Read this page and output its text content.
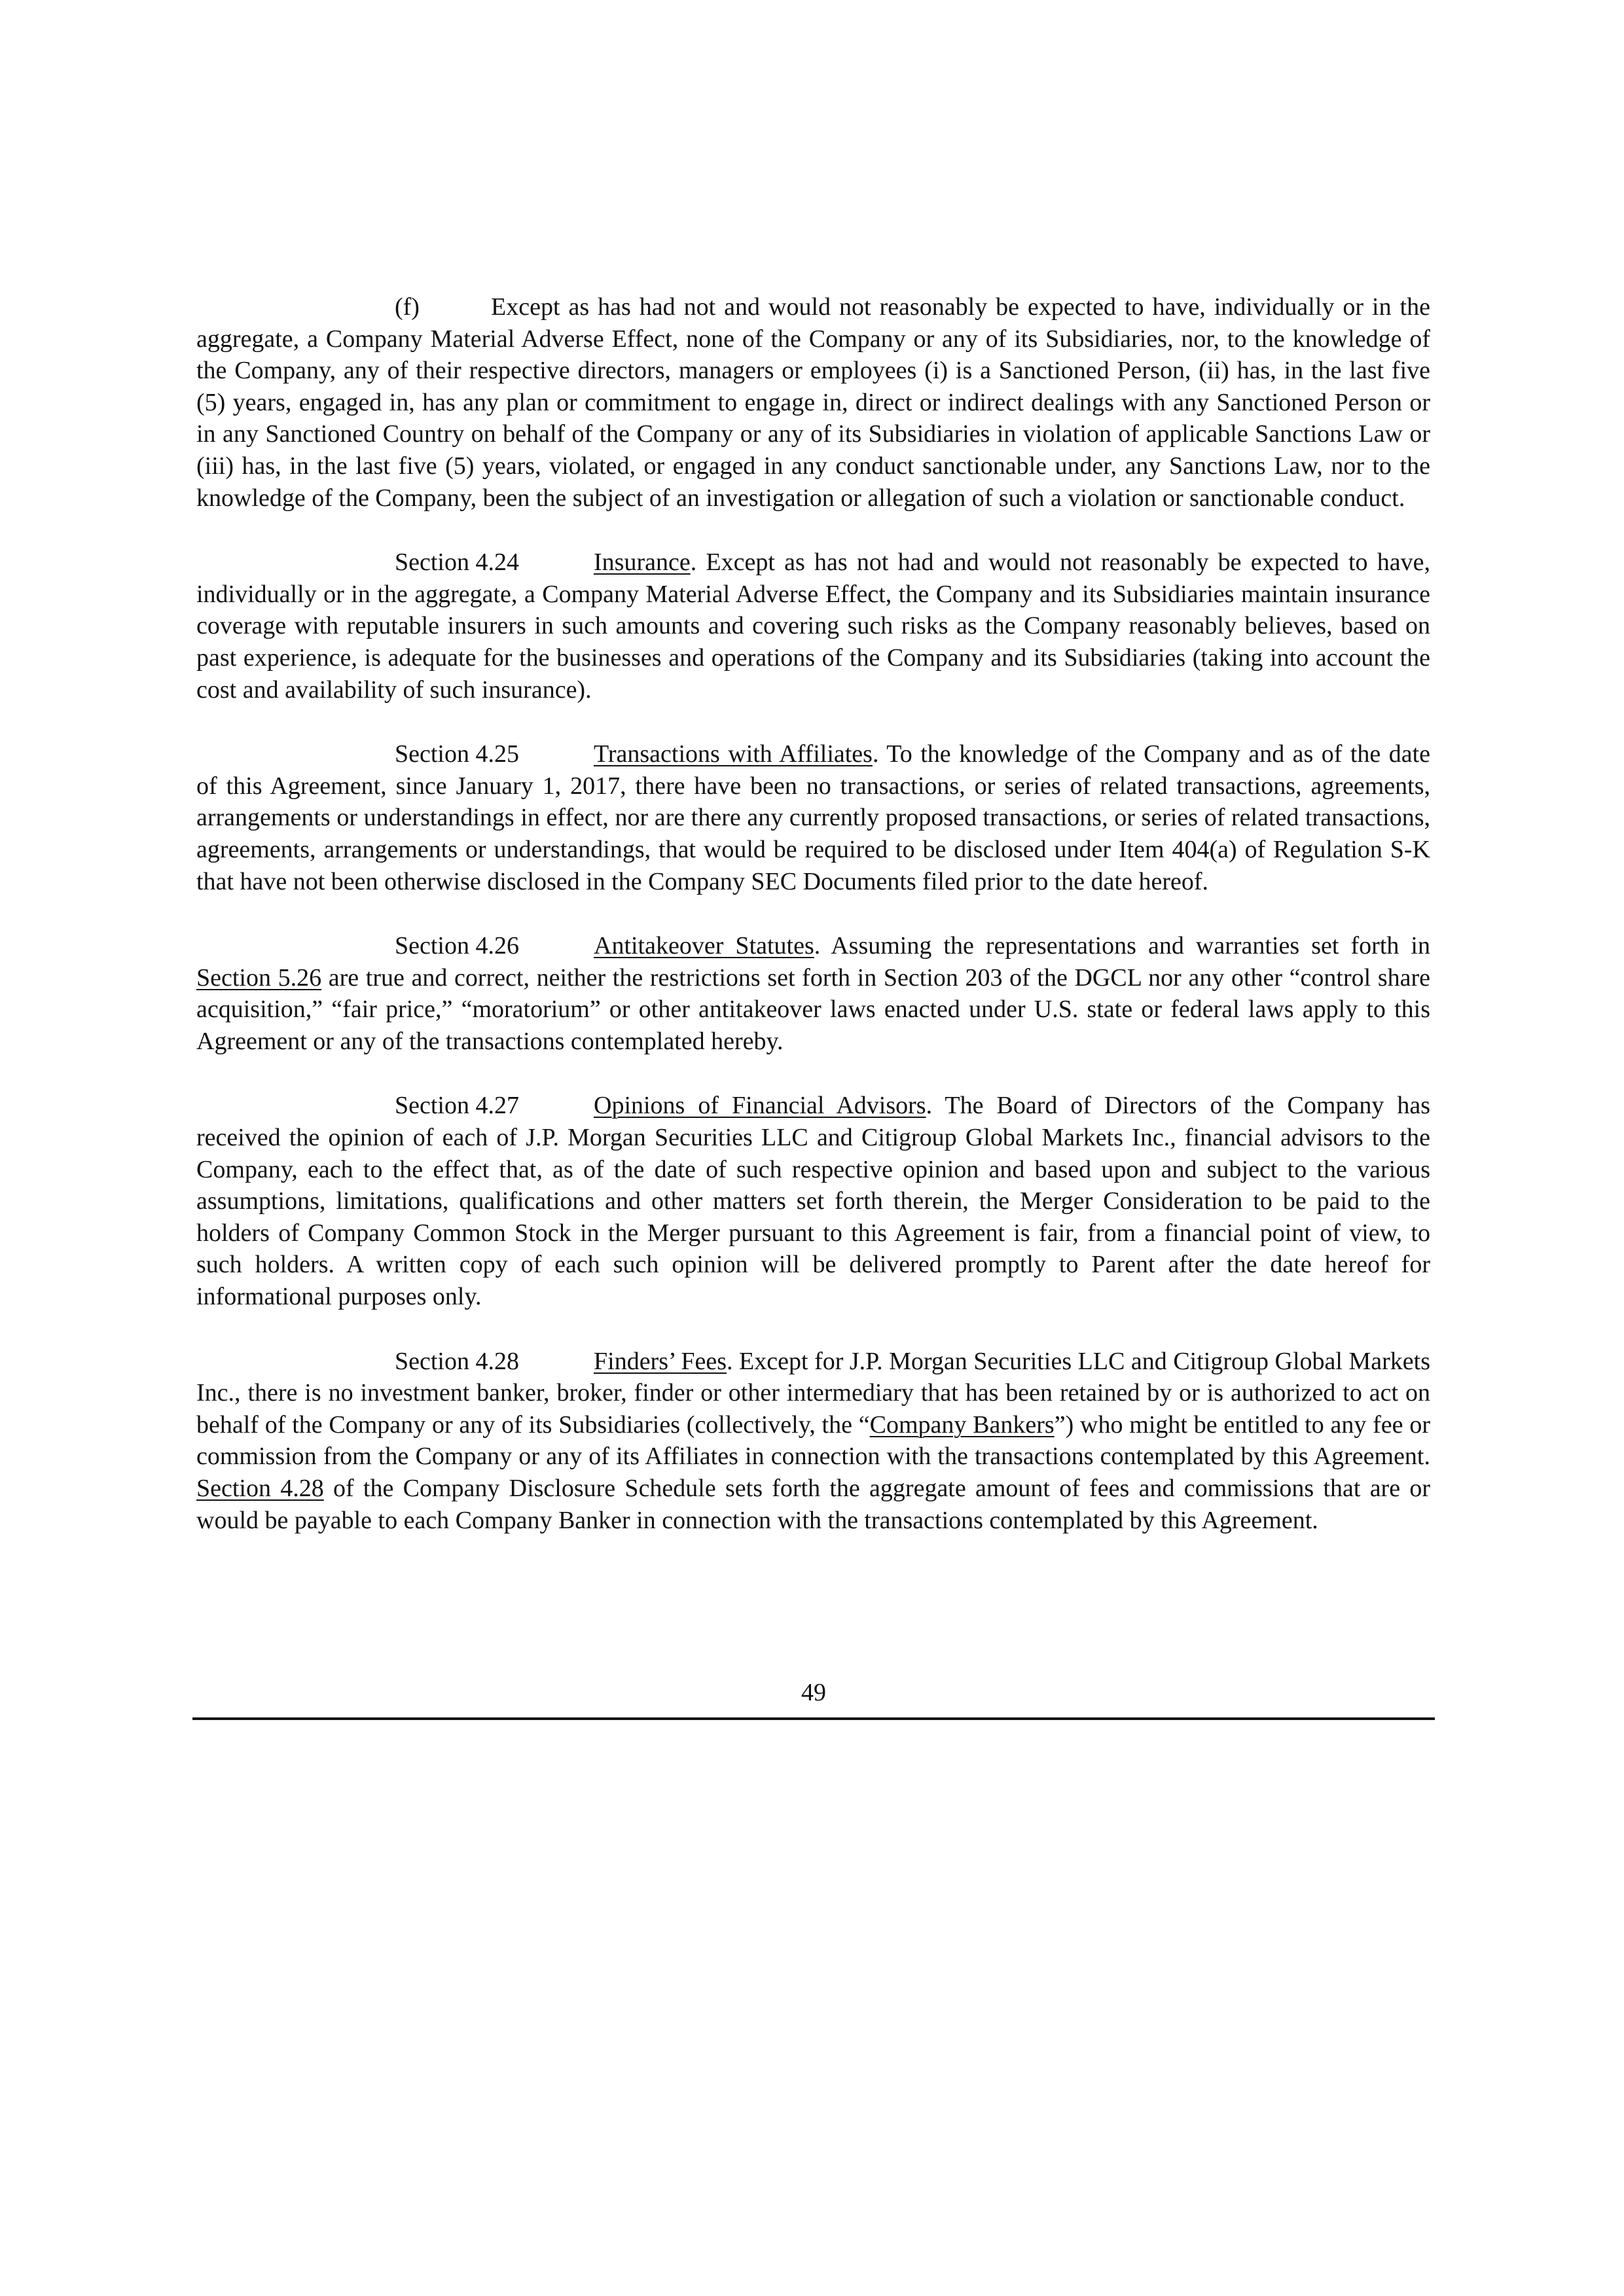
(f)	Except as has had not and would not reasonably be expected to have, individually or in the aggregate, a Company Material Adverse Effect, none of the Company or any of its Subsidiaries, nor, to the knowledge of the Company, any of their respective directors, managers or employees (i) is a Sanctioned Person, (ii) has, in the last five (5) years, engaged in, has any plan or commitment to engage in, direct or indirect dealings with any Sanctioned Person or in any Sanctioned Country on behalf of the Company or any of its Subsidiaries in violation of applicable Sanctions Law or (iii) has, in the last five (5) years, violated, or engaged in any conduct sanctionable under, any Sanctions Law, nor to the knowledge of the Company, been the subject of an investigation or allegation of such a violation or sanctionable conduct.

Section 4.24	Insurance. Except as has not had and would not reasonably be expected to have, individually or in the aggregate, a Company Material Adverse Effect, the Company and its Subsidiaries maintain insurance coverage with reputable insurers in such amounts and covering such risks as the Company reasonably believes, based on past experience, is adequate for the businesses and operations of the Company and its Subsidiaries (taking into account the cost and availability of such insurance).

Section 4.25	Transactions with Affiliates. To the knowledge of the Company and as of the date of this Agreement, since January 1, 2017, there have been no transactions, or series of related transactions, agreements, arrangements or understandings in effect, nor are there any currently proposed transactions, or series of related transactions, agreements, arrangements or understandings, that would be required to be disclosed under Item 404(a) of Regulation S-K that have not been otherwise disclosed in the Company SEC Documents filed prior to the date hereof.

Section 4.26	Antitakeover Statutes. Assuming the representations and warranties set forth in Section 5.26 are true and correct, neither the restrictions set forth in Section 203 of the DGCL nor any other “control share acquisition,” “fair price,” “moratorium” or other antitakeover laws enacted under U.S. state or federal laws apply to this Agreement or any of the transactions contemplated hereby.

Section 4.27	Opinions of Financial Advisors. The Board of Directors of the Company has received the opinion of each of J.P. Morgan Securities LLC and Citigroup Global Markets Inc., financial advisors to the Company, each to the effect that, as of the date of such respective opinion and based upon and subject to the various assumptions, limitations, qualifications and other matters set forth therein, the Merger Consideration to be paid to the holders of Company Common Stock in the Merger pursuant to this Agreement is fair, from a financial point of view, to such holders. A written copy of each such opinion will be delivered promptly to Parent after the date hereof for informational purposes only.

Section 4.28	Finders’ Fees. Except for J.P. Morgan Securities LLC and Citigroup Global Markets Inc., there is no investment banker, broker, finder or other intermediary that has been retained by or is authorized to act on behalf of the Company or any of its Subsidiaries (collectively, the “Company Bankers”) who might be entitled to any fee or commission from the Company or any of its Affiliates in connection with the transactions contemplated by this Agreement. Section 4.28 of the Company Disclosure Schedule sets forth the aggregate amount of fees and commissions that are or would be payable to each Company Banker in connection with the transactions contemplated by this Agreement.

49
